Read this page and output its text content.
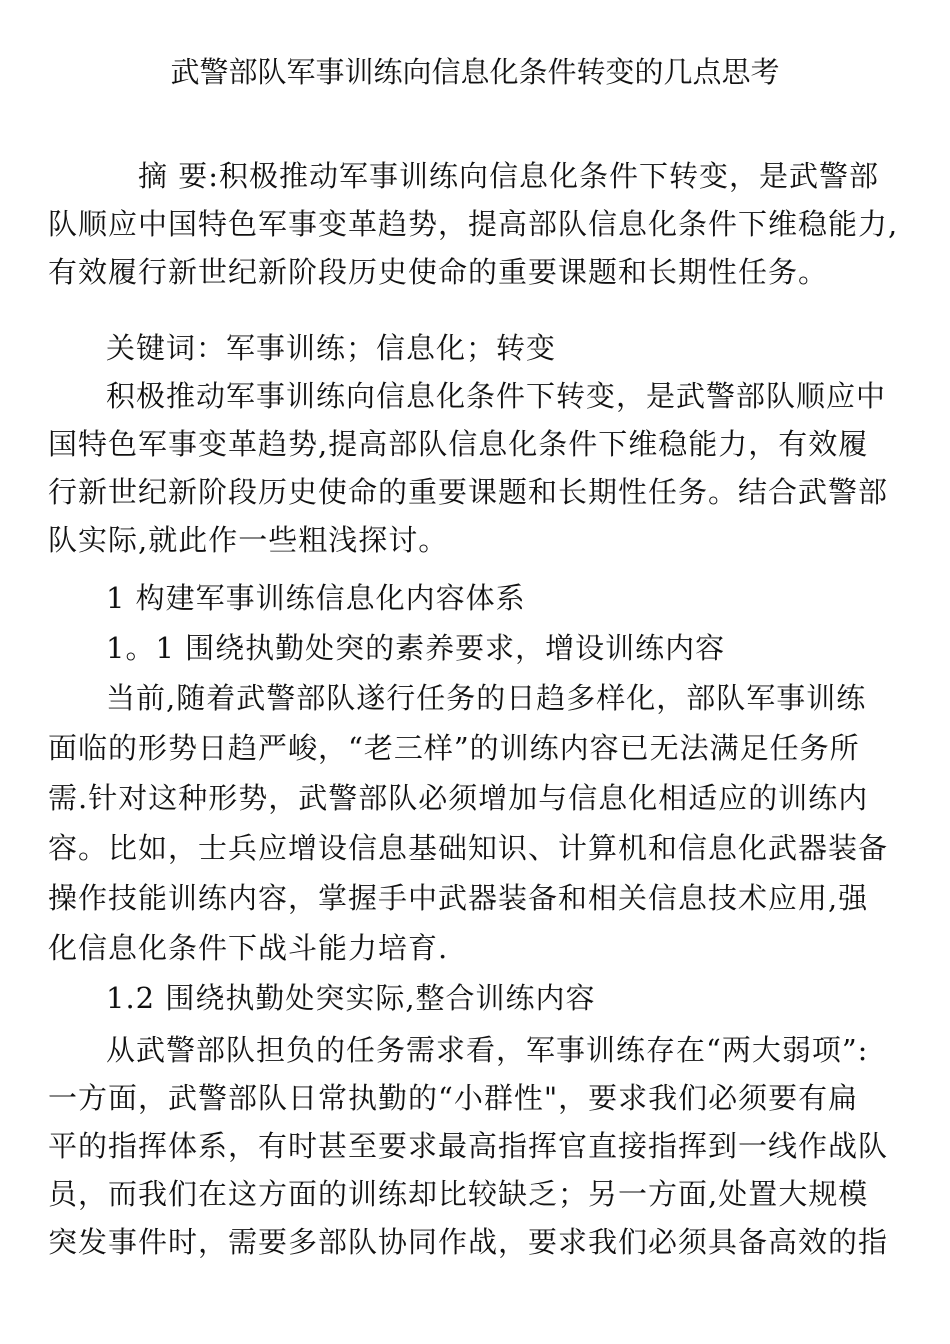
武警部队军事训练向信息化条件转变的几点思考
摘 要:积极推动军事训练向信息化条件下转变，是武警部
队顺应中国特色军事变革趋势，提高部队信息化条件下维稳能力,
有效履行新世纪新阶段历史使命的重要课题和长期性任务。
关键词：军事训练；信息化；转变
积极推动军事训练向信息化条件下转变，是武警部队顺应中
国特色军事变革趋势,提高部队信息化条件下维稳能力，有效履
行新世纪新阶段历史使命的重要课题和长期性任务。结合武警部
队实际,就此作一些粗浅探讨。
1 构建军事训练信息化内容体系
1。1 围绕执勤处突的素养要求，增设训练内容
当前,随着武警部队遂行任务的日趋多样化，部队军事训练
面临的形势日趋严峻，“老三样”的训练内容已无法满足任务所
需.针对这种形势，武警部队必须增加与信息化相适应的训练内
容。比如，士兵应增设信息基础知识、计算机和信息化武器装备
操作技能训练内容，掌握手中武器装备和相关信息技术应用,强
化信息化条件下战斗能力培育.
1.2 围绕执勤处突实际,整合训练内容
从武警部队担负的任务需求看，军事训练存在“两大弱项”:
一方面，武警部队日常执勤的“小群性"，要求我们必须要有扁
平的指挥体系，有时甚至要求最高指挥官直接指挥到一线作战队
员，而我们在这方面的训练却比较缺乏；另一方面,处置大规模
突发事件时，需要多部队协同作战，要求我们必须具备高效的指
